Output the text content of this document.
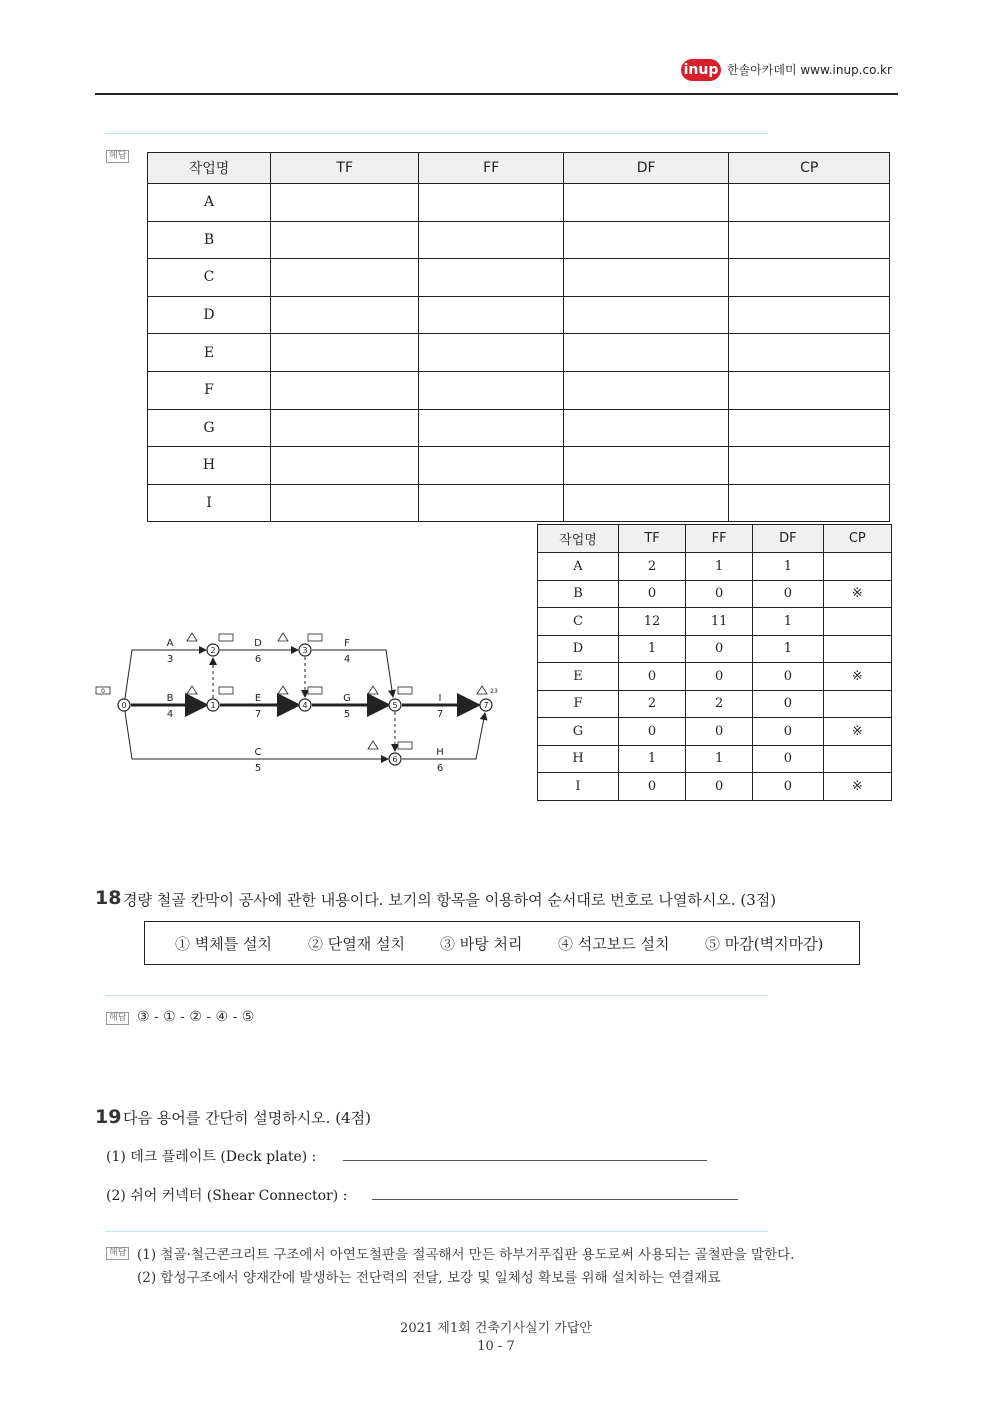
inup 한솔아카데미 www.inup.co.kr
해답
작업명	TF	FF	DF	CP
A				
B				
C				
D				
E				
F				
G				
H				
I				
0	1
2	3
4	5
6
7
0	23
A
3
B
4
C
5
D
6
E
7
F
4
G
5
H
6
I
7
작업명	TF	FF	DF	CP
A	2	1	1	
B	0	0	0	※
C	12	11	1	
D	1	0	1	
E	0	0	0	※
F	2	2	0	
G	0	0	0	※
H	1	1	0	
I	0	0	0	※
18 경량 철골 칸막이 공사에 관한 내용이다. 보기의 항목을 이용하여 순서대로 번호로 나열하시오. (3점)
① 벽체틀 설치 ② 단열재 설치 ③ 바탕 처리 ④ 석고보드 설치 ⑤ 마감(벽지마감)
해답 ③ - ① - ② - ④ - ⑤
19 다음 용어를 간단히 설명하시오. (4점)
(1) 데크 플레이트 (Deck plate) :
(2) 쉬어 커넥터 (Shear Connector) :
해답 (1) 철골·철근콘크리트 구조에서 아연도철판을 절곡해서 만든 하부거푸집판 용도로써 사용되는 골철판을 말한다.
(2) 합성구조에서 양재간에 발생하는 전단력의 전달, 보강 및 일체성 확보를 위해 설치하는 연결재료
2021 제1회 건축기사실기 가답안
10 - 7
